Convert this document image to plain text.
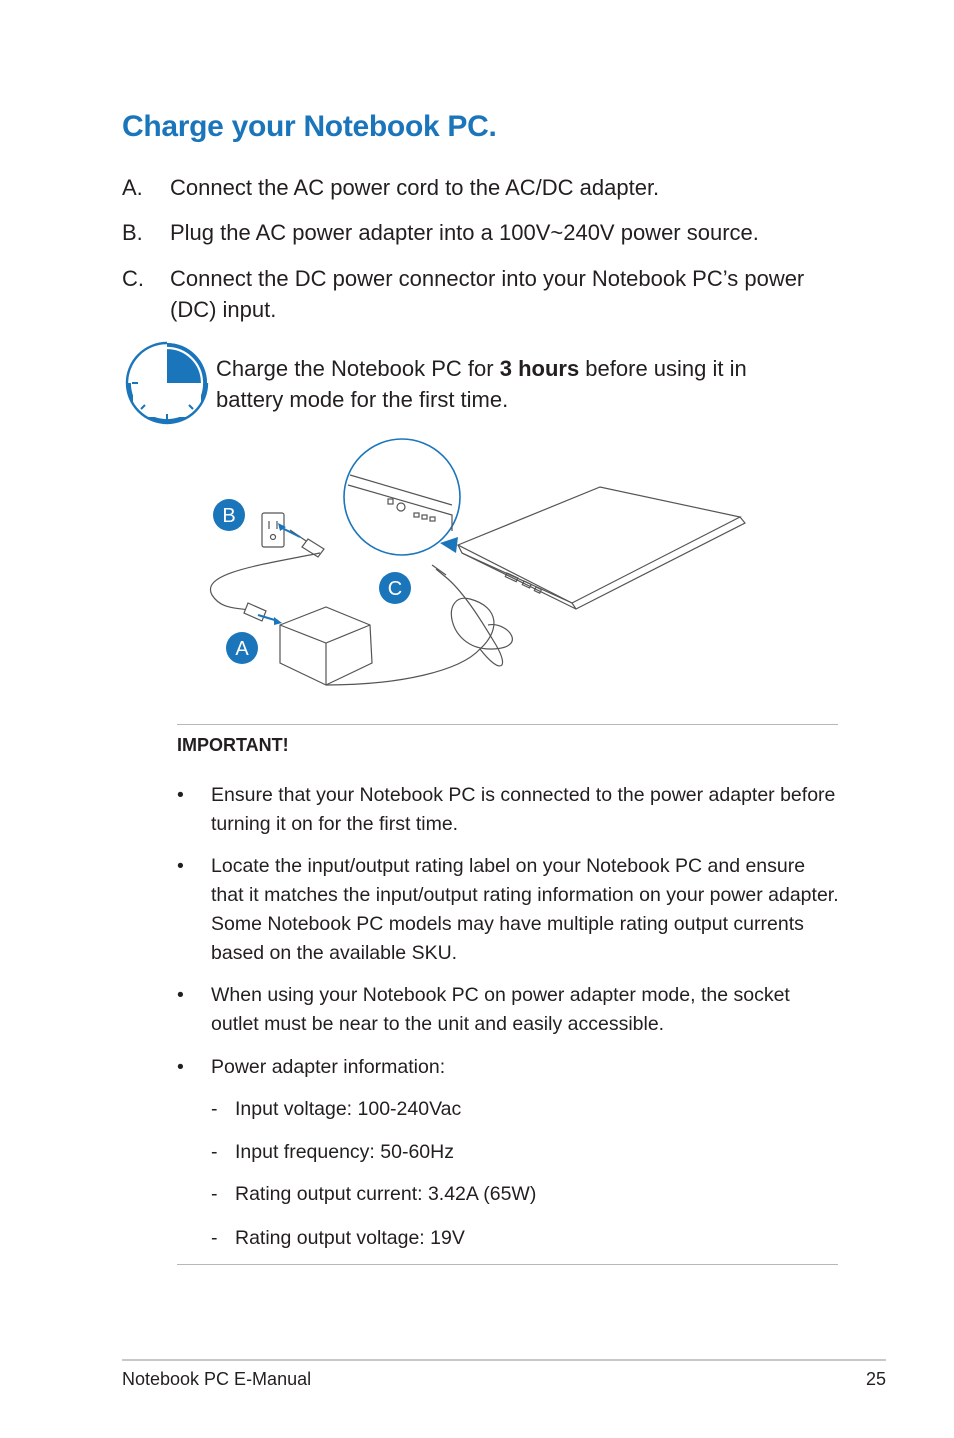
Charge your Notebook PC.
A. Connect the AC power cord to the AC/DC adapter.
B. Plug the AC power adapter into a 100V~240V power source.
C. Connect the DC power connector into your Notebook PC’s power (DC) input.
Charge the Notebook PC for 3 hours before using it in battery mode for the first time.
B
C
A
IMPORTANT!
• Ensure that your Notebook PC is connected to the power adapter before turning it on for the first time.
• Locate the input/output rating label on your Notebook PC and ensure that it matches the input/output rating information on your power adapter. Some Notebook PC models may have multiple rating output currents based on the available SKU.
• When using your Notebook PC on power adapter mode, the socket outlet must be near to the unit and easily accessible.
• Power adapter information:
- Input voltage: 100-240Vac
- Input frequency: 50-60Hz
- Rating output current: 3.42A (65W)
- Rating output voltage: 19V
Notebook PC E-Manual	25
